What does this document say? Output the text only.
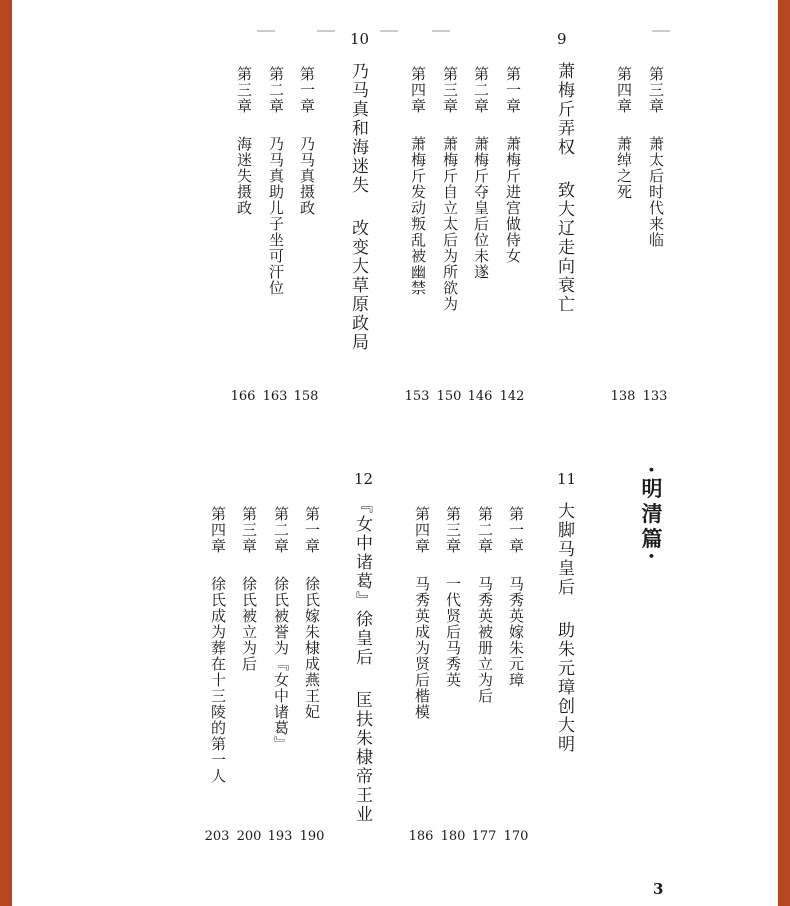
第三章萧太后时代来临
第四章萧绰之死
133
138
9
萧梅斤弄权致大辽走向衰亡
第一章萧梅斤进宫做侍女
第二章萧梅斤夺皇后位未遂
第三章萧梅斤自立太后为所欲为
第四章萧梅斤发动叛乱被幽禁
142
146
150
153
10
乃马真和海迷失改变大草原政局
第一章乃马真摄政
第二章乃马真助儿子坐可汗位
第三章海迷失摄政
158
163
166
·明清篇·
11
大脚马皇后助朱元璋创大明
第一章马秀英嫁朱元璋
第二章马秀英被册立为后
第三章一代贤后马秀英
第四章马秀英成为贤后楷模
170
177
180
186
12
『女中诸葛』徐皇后匡扶朱棣帝王业
第一章徐氏嫁朱棣成燕王妃
第二章徐氏被誉为『女中诸葛』
第三章徐氏被立为后
第四章徐氏成为葬在十三陵的第一人
190
193
200
203
3
